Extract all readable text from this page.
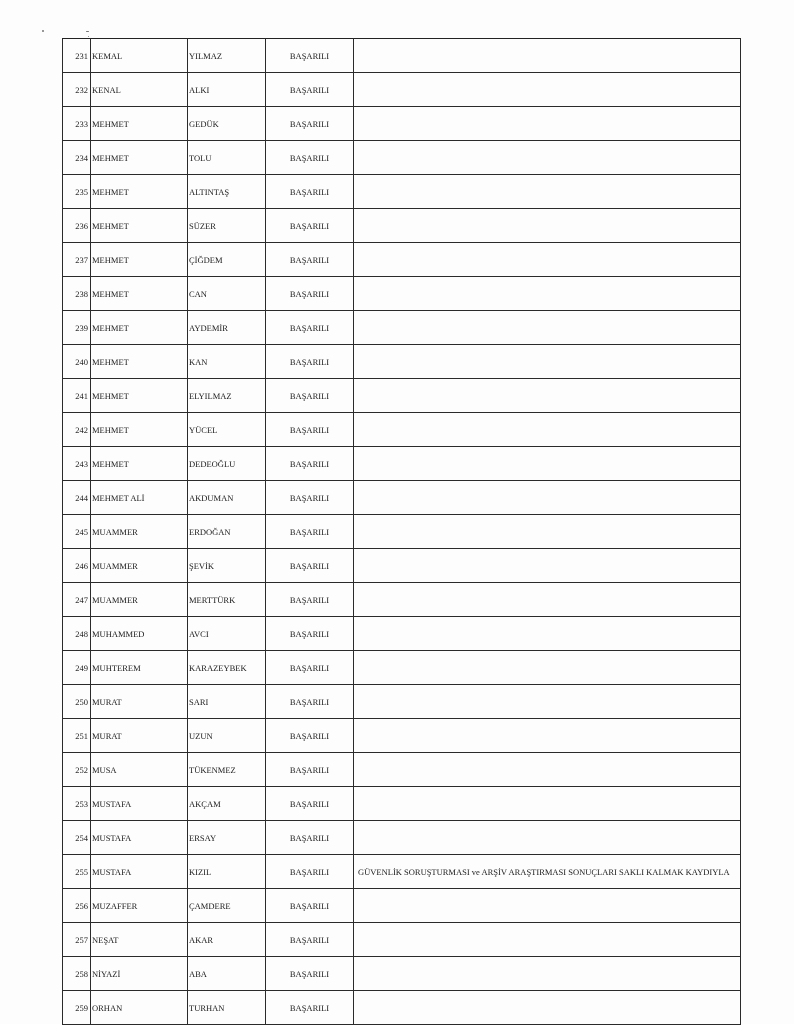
231	KEMAL	YILMAZ	BAŞARILI	
232	KENAL	ALKI	BAŞARILI	
233	MEHMET	GEDÜK	BAŞARILI	
234	MEHMET	TOLU	BAŞARILI	
235	MEHMET	ALTINTAŞ	BAŞARILI	
236	MEHMET	SÜZER	BAŞARILI	
237	MEHMET	ÇİĞDEM	BAŞARILI	
238	MEHMET	CAN	BAŞARILI	
239	MEHMET	AYDEMİR	BAŞARILI	
240	MEHMET	KAN	BAŞARILI	
241	MEHMET	ELYILMAZ	BAŞARILI	
242	MEHMET	YÜCEL	BAŞARILI	
243	MEHMET	DEDEOĞLU	BAŞARILI	
244	MEHMET ALİ	AKDUMAN	BAŞARILI	
245	MUAMMER	ERDOĞAN	BAŞARILI	
246	MUAMMER	ŞEVİK	BAŞARILI	
247	MUAMMER	MERTTÜRK	BAŞARILI	
248	MUHAMMED	AVCI	BAŞARILI	
249	MUHTEREM	KARAZEYBEK	BAŞARILI	
250	MURAT	SARI	BAŞARILI	
251	MURAT	UZUN	BAŞARILI	
252	MUSA	TÜKENMEZ	BAŞARILI	
253	MUSTAFA	AKÇAM	BAŞARILI	
254	MUSTAFA	ERSAY	BAŞARILI	
255	MUSTAFA	KIZIL	BAŞARILI	GÜVENLİK SORUŞTURMASI ve ARŞİV ARAŞTIRMASI SONUÇLARI SAKLI KALMAK KAYDIYLA
256	MUZAFFER	ÇAMDERE	BAŞARILI	
257	NEŞAT	AKAR	BAŞARILI	
258	NİYAZİ	ABA	BAŞARILI	
259	ORHAN	TURHAN	BAŞARILI	
